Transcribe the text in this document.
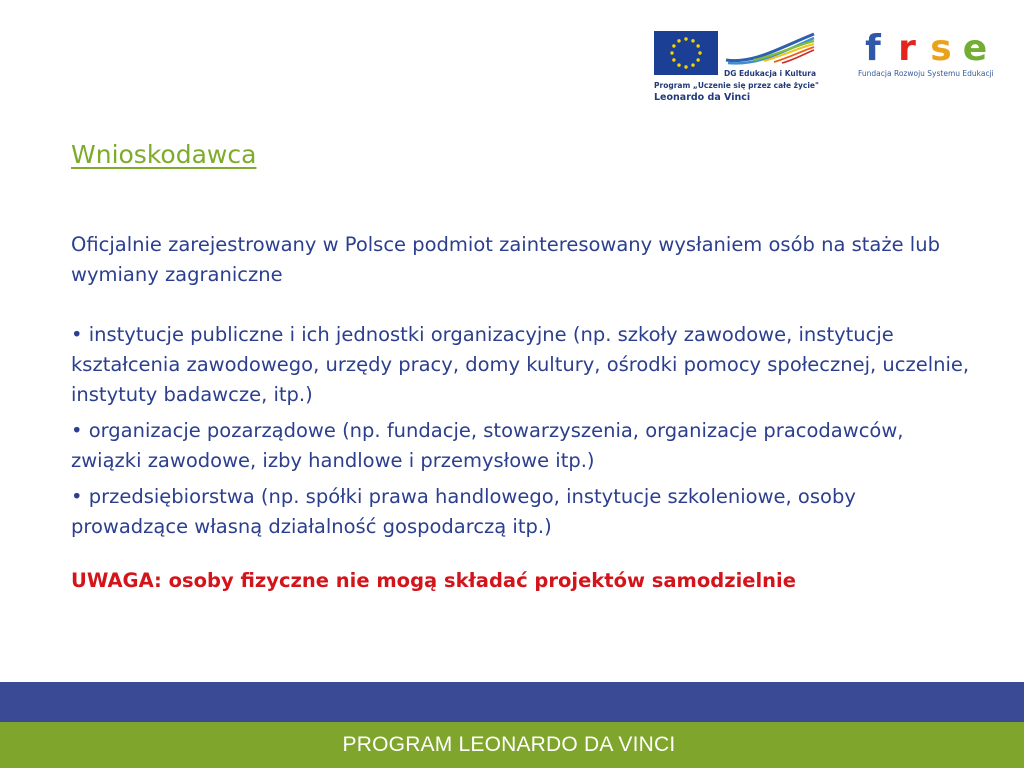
DG Edukacja i Kultura
Program „Uczenie się przez całe życie"
Leonardo da Vinci
f r s e
Fundacja Rozwoju Systemu Edukacji
Wnioskodawca

Oficjalnie zarejestrowany w Polsce podmiot zainteresowany wysłaniem osób na staże lub wymiany zagraniczne

• instytucje publiczne i ich jednostki organizacyjne (np. szkoły zawodowe, instytucje kształcenia zawodowego, urzędy pracy, domy kultury, ośrodki pomocy społecznej, uczelnie, instytuty badawcze, itp.)

• organizacje pozarządowe (np. fundacje, stowarzyszenia, organizacje pracodawców, związki zawodowe, izby handlowe i przemysłowe itp.)

• przedsiębiorstwa (np. spółki prawa handlowego, instytucje szkoleniowe, osoby prowadzące własną działalność gospodarczą itp.)

UWAGA: osoby fizyczne nie mogą składać projektów samodzielnie

PROGRAM LEONARDO DA VINCI
